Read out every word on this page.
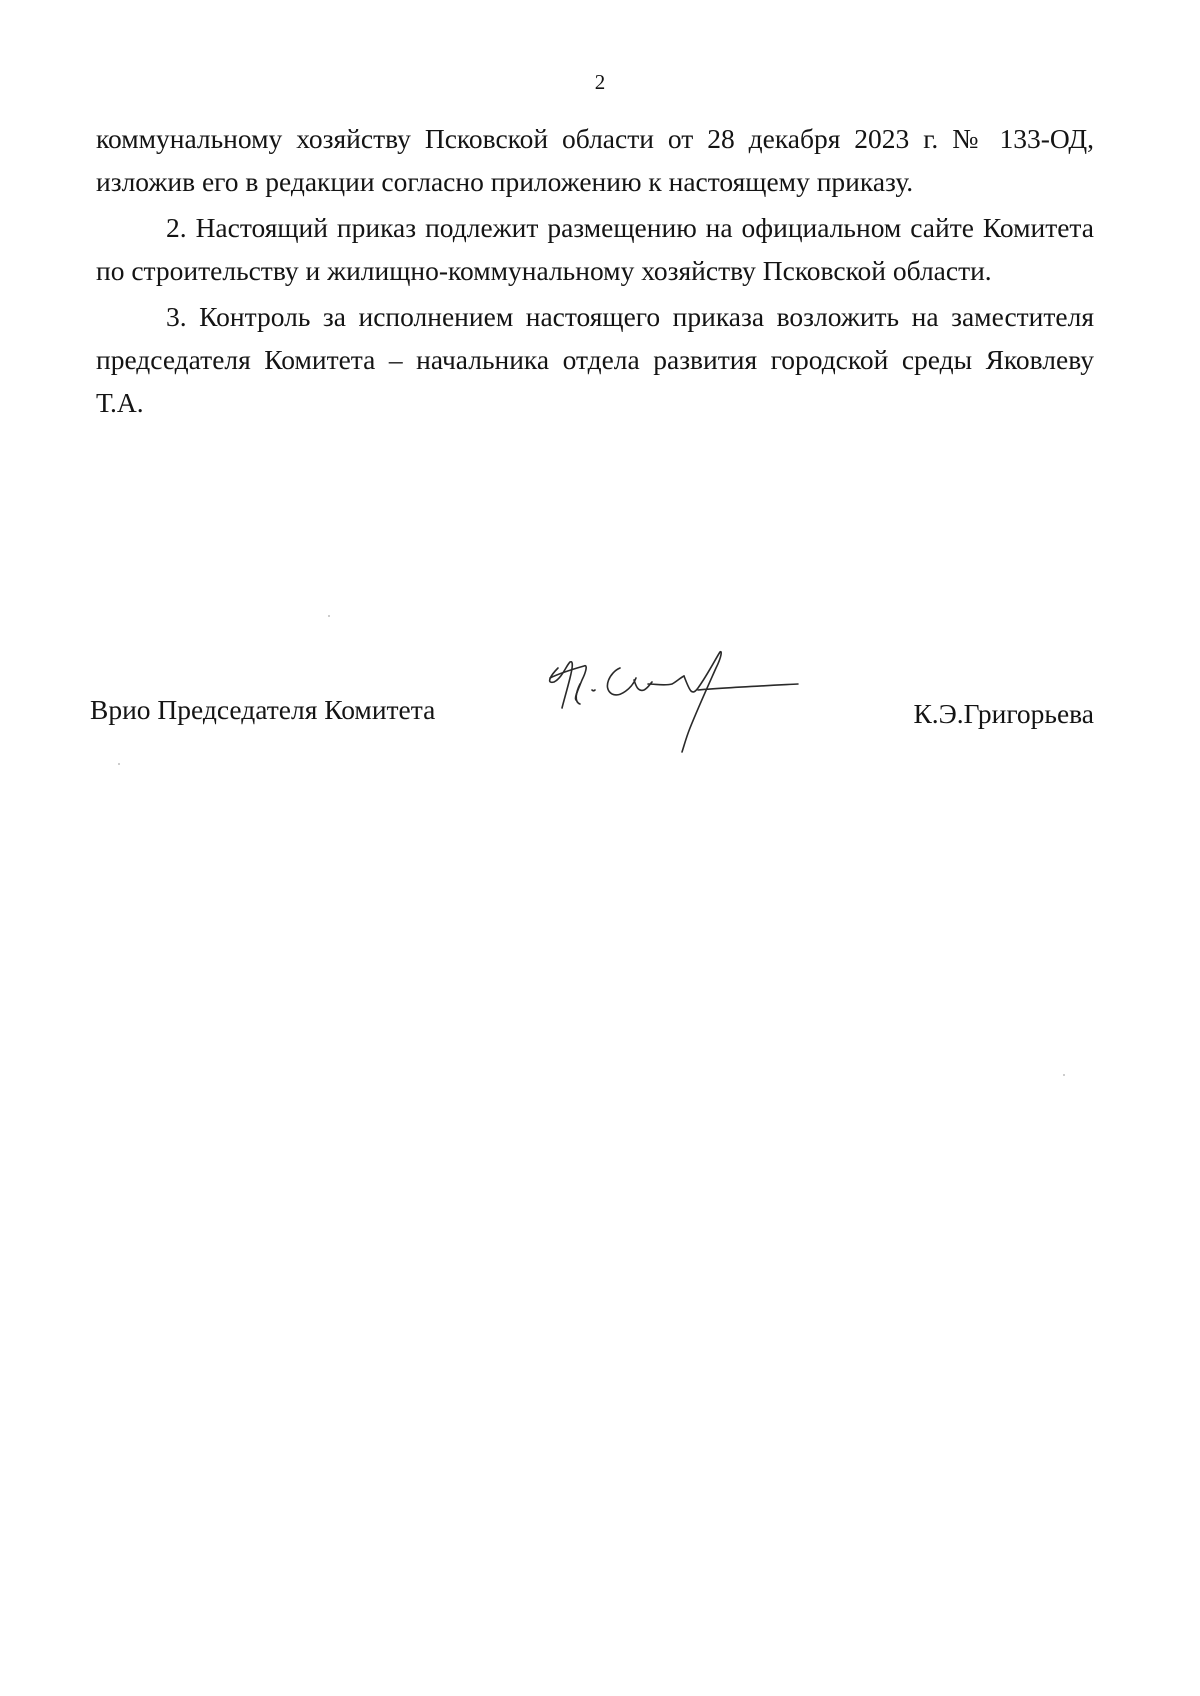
2

коммунальному хозяйству Псковской области от 28 декабря 2023 г. № 133-ОД, изложив его в редакции согласно приложению к настоящему приказу.

2. Настоящий приказ подлежит размещению на официальном сайте Комитета по строительству и жилищно-коммунальному хозяйству Псковской области.

3. Контроль за исполнением настоящего приказа возложить на заместителя председателя Комитета – начальника отдела развития городской среды Яковлеву Т.А.

Врио Председателя Комитета	К.Э.Григорьева
